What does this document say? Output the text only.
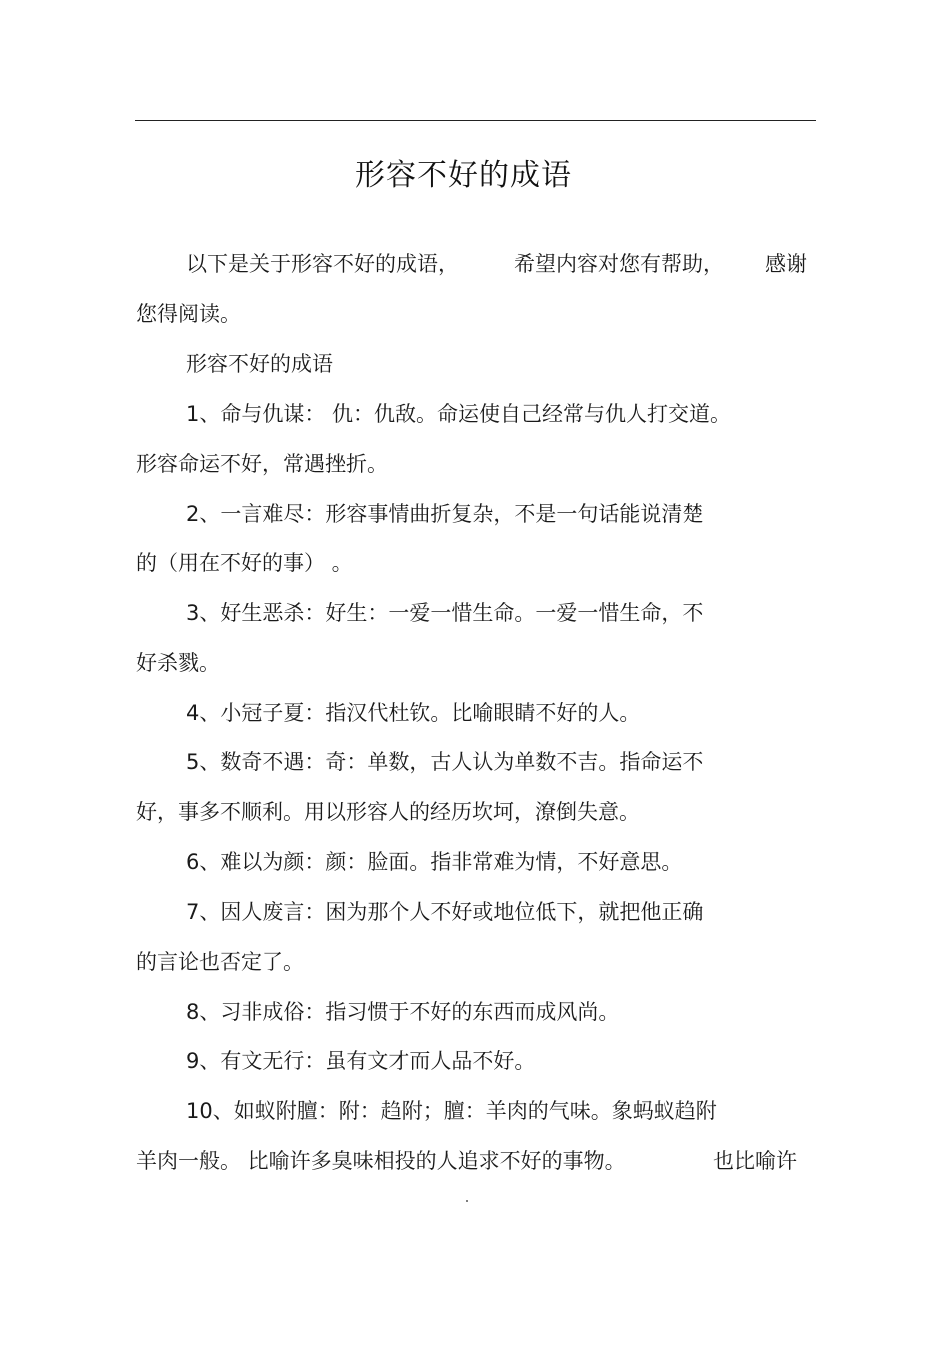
形容不好的成语
以下是关于形容不好的成语，	希望内容对您有帮助， 感谢
您得阅读。
形容不好的成语
1、命与仇谋： 仇：仇敌。命运使自己经常与仇人打交道。
形容命运不好，常遇挫折。
2、一言难尽：形容事情曲折复杂，不是一句话能说清楚
的（用在不好的事） 。
3、好生恶杀：好生：一爱一惜生命。一爱一惜生命，不
好杀戮。
4、小冠子夏：指汉代杜钦。比喻眼睛不好的人。
5、数奇不遇：奇：单数，古人认为单数不吉。指命运不
好，事多不顺利。用以形容人的经历坎坷，潦倒失意。
6、难以为颜：颜：脸面。指非常难为情，不好意思。
7、因人废言：困为那个人不好或地位低下，就把他正确
的言论也否定了。
8、习非成俗：指习惯于不好的东西而成风尚。
9、有文无行：虽有文才而人品不好。
10、如蚁附膻：附：趋附；膻：羊肉的气味。象蚂蚁趋附
羊肉一般。 比喻许多臭味相投的人追求不好的事物。	也比喻许
